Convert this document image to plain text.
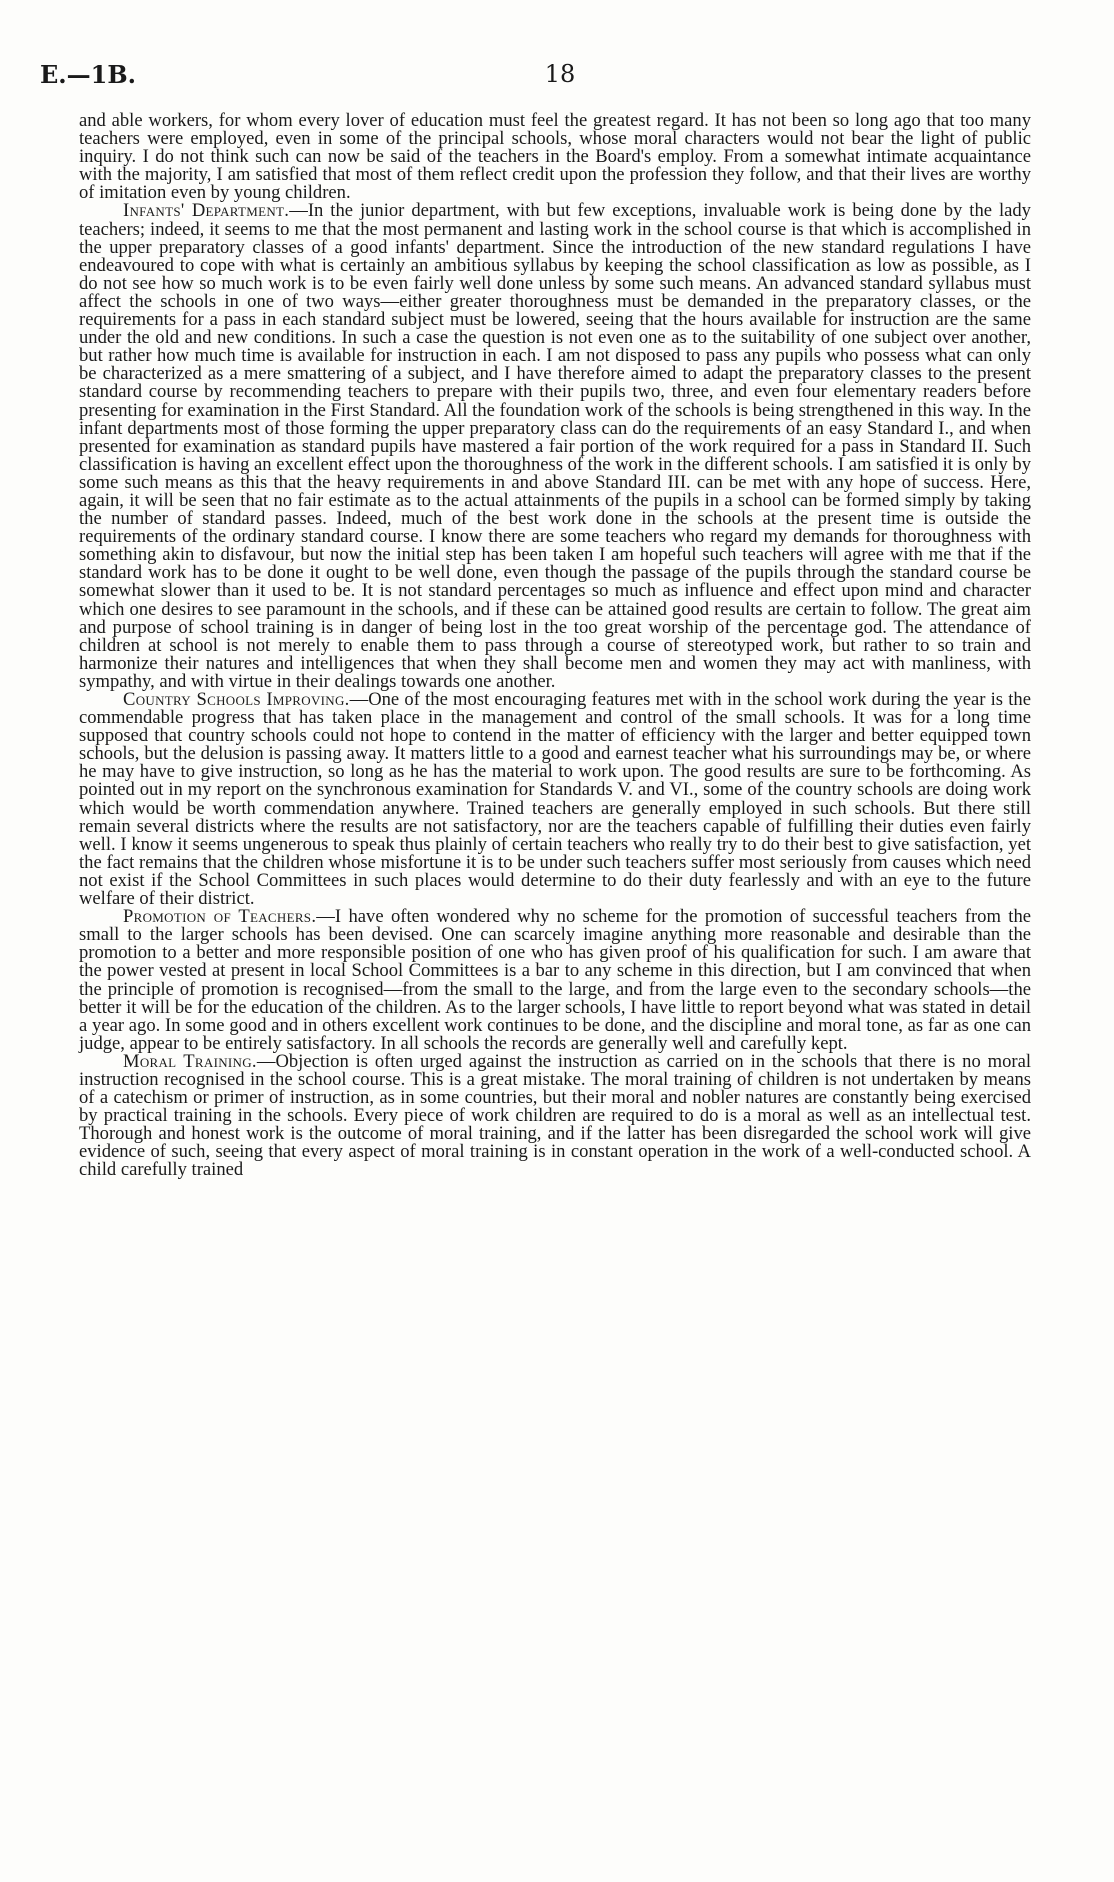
E.—1B.	18

and able workers, for whom every lover of education must feel the greatest regard. It has not been so long ago that too many teachers were employed, even in some of the principal schools, whose moral characters would not bear the light of public inquiry. I do not think such can now be said of the teachers in the Board's employ. From a somewhat intimate acquaintance with the majority, I am satisfied that most of them reflect credit upon the profession they follow, and that their lives are worthy of imitation even by young children.

Infants' Department.—In the junior department, with but few exceptions, invaluable work is being done by the lady teachers; indeed, it seems to me that the most permanent and lasting work in the school course is that which is accomplished in the upper preparatory classes of a good infants' department. Since the introduction of the new standard regulations I have endeavoured to cope with what is certainly an ambitious syllabus by keeping the school classification as low as possible, as I do not see how so much work is to be even fairly well done unless by some such means. An advanced standard syllabus must affect the schools in one of two ways—either greater thoroughness must be demanded in the preparatory classes, or the requirements for a pass in each standard subject must be lowered, seeing that the hours available for instruction are the same under the old and new conditions. In such a case the question is not even one as to the suitability of one subject over another, but rather how much time is available for instruction in each. I am not disposed to pass any pupils who possess what can only be characterized as a mere smattering of a subject, and I have therefore aimed to adapt the preparatory classes to the present standard course by recommending teachers to prepare with their pupils two, three, and even four elementary readers before presenting for examination in the First Standard. All the foundation work of the schools is being strengthened in this way. In the infant departments most of those forming the upper preparatory class can do the requirements of an easy Standard I., and when presented for examination as standard pupils have mastered a fair portion of the work required for a pass in Standard II. Such classification is having an excellent effect upon the thoroughness of the work in the different schools. I am satisfied it is only by some such means as this that the heavy requirements in and above Standard III. can be met with any hope of success. Here, again, it will be seen that no fair estimate as to the actual attainments of the pupils in a school can be formed simply by taking the number of standard passes. Indeed, much of the best work done in the schools at the present time is outside the requirements of the ordinary standard course. I know there are some teachers who regard my demands for thoroughness with something akin to disfavour, but now the initial step has been taken I am hopeful such teachers will agree with me that if the standard work has to be done it ought to be well done, even though the passage of the pupils through the standard course be somewhat slower than it used to be. It is not standard percentages so much as influence and effect upon mind and character which one desires to see paramount in the schools, and if these can be attained good results are certain to follow. The great aim and purpose of school training is in danger of being lost in the too great worship of the percentage god. The attendance of children at school is not merely to enable them to pass through a course of stereotyped work, but rather to so train and harmonize their natures and intelligences that when they shall become men and women they may act with manliness, with sympathy, and with virtue in their dealings towards one another.

Country Schools Improving.—One of the most encouraging features met with in the school work during the year is the commendable progress that has taken place in the management and control of the small schools. It was for a long time supposed that country schools could not hope to contend in the matter of efficiency with the larger and better equipped town schools, but the delusion is passing away. It matters little to a good and earnest teacher what his surroundings may be, or where he may have to give instruction, so long as he has the material to work upon. The good results are sure to be forthcoming. As pointed out in my report on the synchronous examination for Standards V. and VI., some of the country schools are doing work which would be worth commendation anywhere. Trained teachers are generally employed in such schools. But there still remain several districts where the results are not satisfactory, nor are the teachers capable of fulfilling their duties even fairly well. I know it seems ungenerous to speak thus plainly of certain teachers who really try to do their best to give satisfaction, yet the fact remains that the children whose misfortune it is to be under such teachers suffer most seriously from causes which need not exist if the School Committees in such places would determine to do their duty fearlessly and with an eye to the future welfare of their district.

Promotion of Teachers.—I have often wondered why no scheme for the promotion of successful teachers from the small to the larger schools has been devised. One can scarcely imagine anything more reasonable and desirable than the promotion to a better and more responsible position of one who has given proof of his qualification for such. I am aware that the power vested at present in local School Committees is a bar to any scheme in this direction, but I am convinced that when the principle of promotion is recognised—from the small to the large, and from the large even to the secondary schools—the better it will be for the education of the children. As to the larger schools, I have little to report beyond what was stated in detail a year ago. In some good and in others excellent work continues to be done, and the discipline and moral tone, as far as one can judge, appear to be entirely satisfactory. In all schools the records are generally well and carefully kept.

Moral Training.—Objection is often urged against the instruction as carried on in the schools that there is no moral instruction recognised in the school course. This is a great mistake. The moral training of children is not undertaken by means of a catechism or primer of instruction, as in some countries, but their moral and nobler natures are constantly being exercised by practical training in the schools. Every piece of work children are required to do is a moral as well as an intellectual test. Thorough and honest work is the outcome of moral training, and if the latter has been disregarded the school work will give evidence of such, seeing that every aspect of moral training is in constant operation in the work of a well-conducted school. A child carefully trained
